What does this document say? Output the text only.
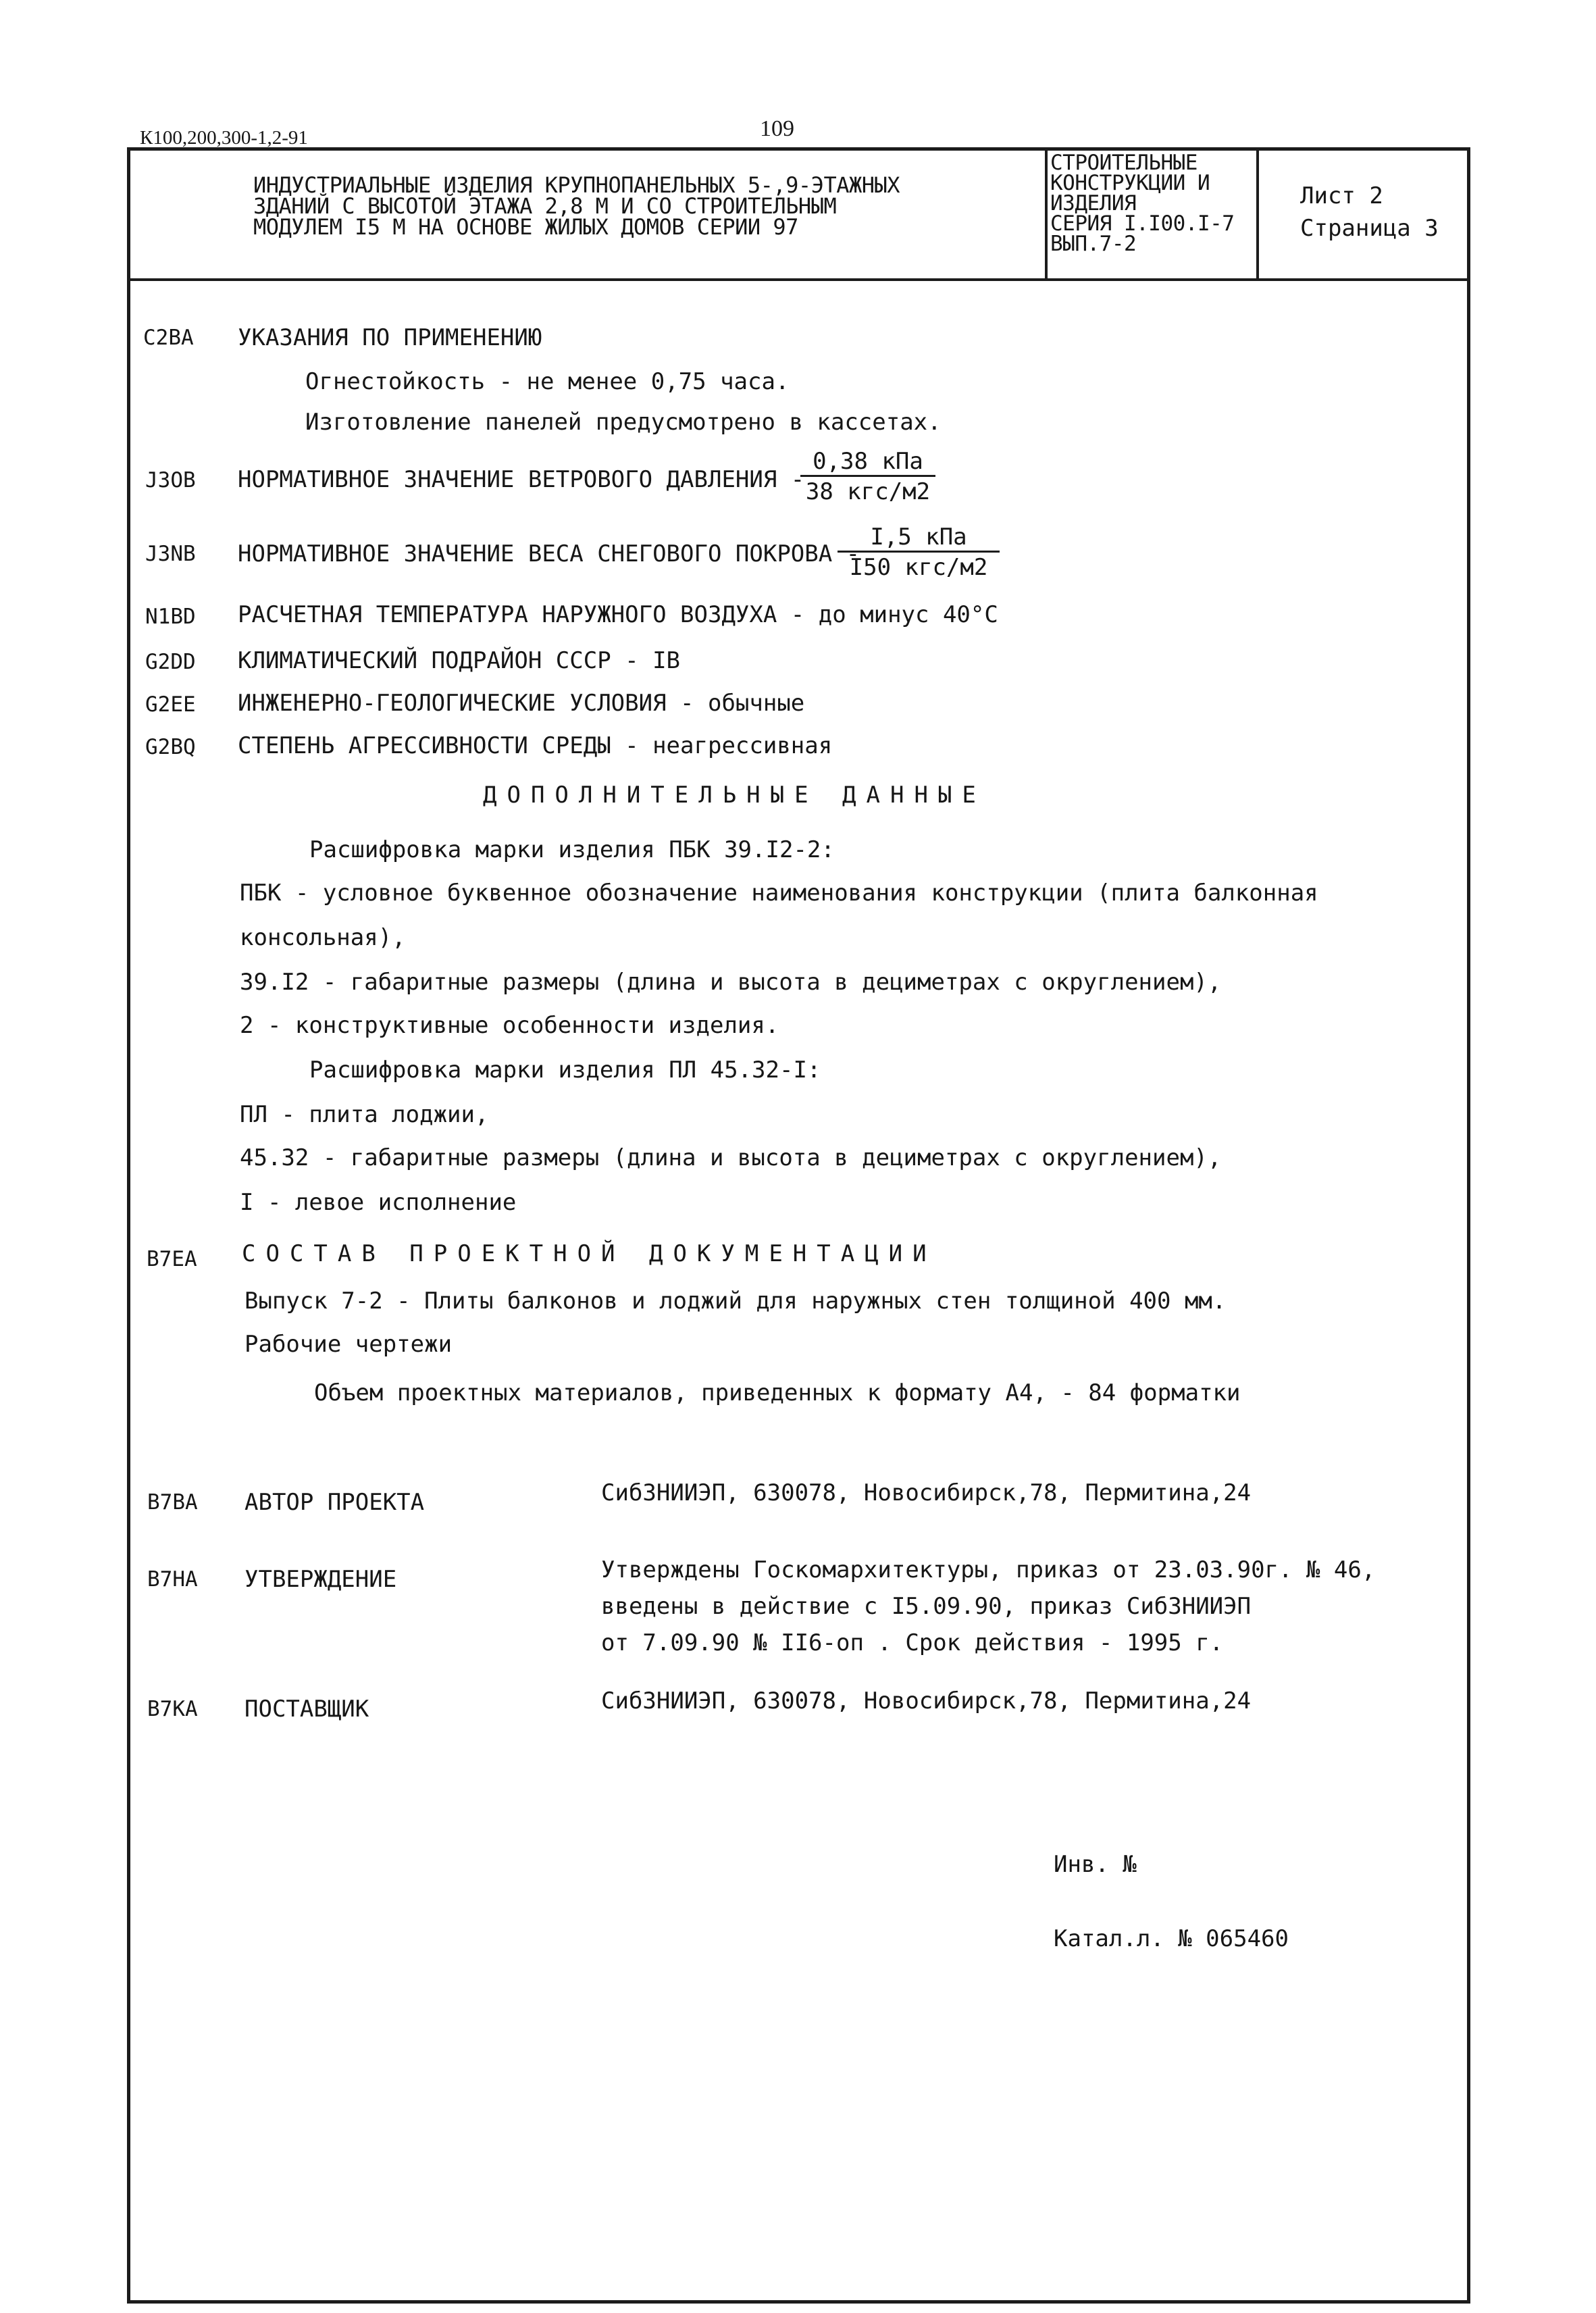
К100,200,300-1,2-91	109
ИНДУСТРИАЛЬНЫЕ ИЗДЕЛИЯ КРУПНОПАНЕЛЬНЫХ 5-,9-ЭТАЖНЫХ
ЗДАНИЙ С ВЫСОТОЙ ЭТАЖА 2,8 М И СО СТРОИТЕЛЬНЫМ
МОДУЛЕМ I5 М НА ОСНОВЕ ЖИЛЫХ ДОМОВ СЕРИИ 97
СТРОИТЕЛЬНЫЕ
КОНСТРУКЦИИ И
ИЗДЕЛИЯ
СЕРИЯ I.I00.I-7
ВЫП.7-2
Лист 2
Страница 3
C2BA УКАЗАНИЯ ПО ПРИМЕНЕНИЮ
Огнестойкость - не менее 0,75 часа.
Изготовление панелей предусмотрено в кассетах.
J3OB НОРМАТИВНОЕ ЗНАЧЕНИЕ ВЕТРОВОГО ДАВЛЕНИЯ -
0,38 кПа
38 кгс/м2
J3NB НОРМАТИВНОЕ ЗНАЧЕНИЕ ВЕСА СНЕГОВОГО ПОКРОВА -
I,5 кПа
I50 кгс/м2
N1BD РАСЧЕТНАЯ ТЕМПЕРАТУРА НАРУЖНОГО ВОЗДУХА - до минус 40°С
G2DD КЛИМАТИЧЕСКИЙ ПОДРАЙОН СССР - IВ
G2EE ИНЖЕНЕРНО-ГЕОЛОГИЧЕСКИЕ УСЛОВИЯ - обычные
G2BQ СТЕПЕНЬ АГРЕССИВНОСТИ СРЕДЫ - неагрессивная
ДОПОЛНИТЕЛЬНЫЕ ДАННЫЕ
Расшифровка марки изделия ПБК 39.I2-2:
ПБК - условное буквенное обозначение наименования конструкции (плита балконная
консольная),
39.I2 - габаритные размеры (длина и высота в дециметрах с округлением),
2 - конструктивные особенности изделия.
Расшифровка марки изделия ПЛ 45.32-I:
ПЛ - плита лоджии,
45.32 - габаритные размеры (длина и высота в дециметрах с округлением),
I - левое исполнение
B7EA СОСТАВ ПРОЕКТНОЙ ДОКУМЕНТАЦИИ
Выпуск 7-2 - Плиты балконов и лоджий для наружных стен толщиной 400 мм.
Рабочие чертежи
Объем проектных материалов, приведенных к формату А4, - 84 форматки
B7BA АВТОР ПРОЕКТА	СибЗНИИЭП, 630078, Новосибирск,78, Пермитина,24
B7HA УТВЕРЖДЕНИЕ	Утверждены Госкомархитектуры, приказ от 23.03.90г. № 46,
введены в действие с I5.09.90, приказ СибЗНИИЭП
от 7.09.90 № II6-оп . Срок действия - 1995 г.
B7KA ПОСТАВЩИК	СибЗНИИЭП, 630078, Новосибирск,78, Пермитина,24
Инв. №
Катал.л. № 065460
